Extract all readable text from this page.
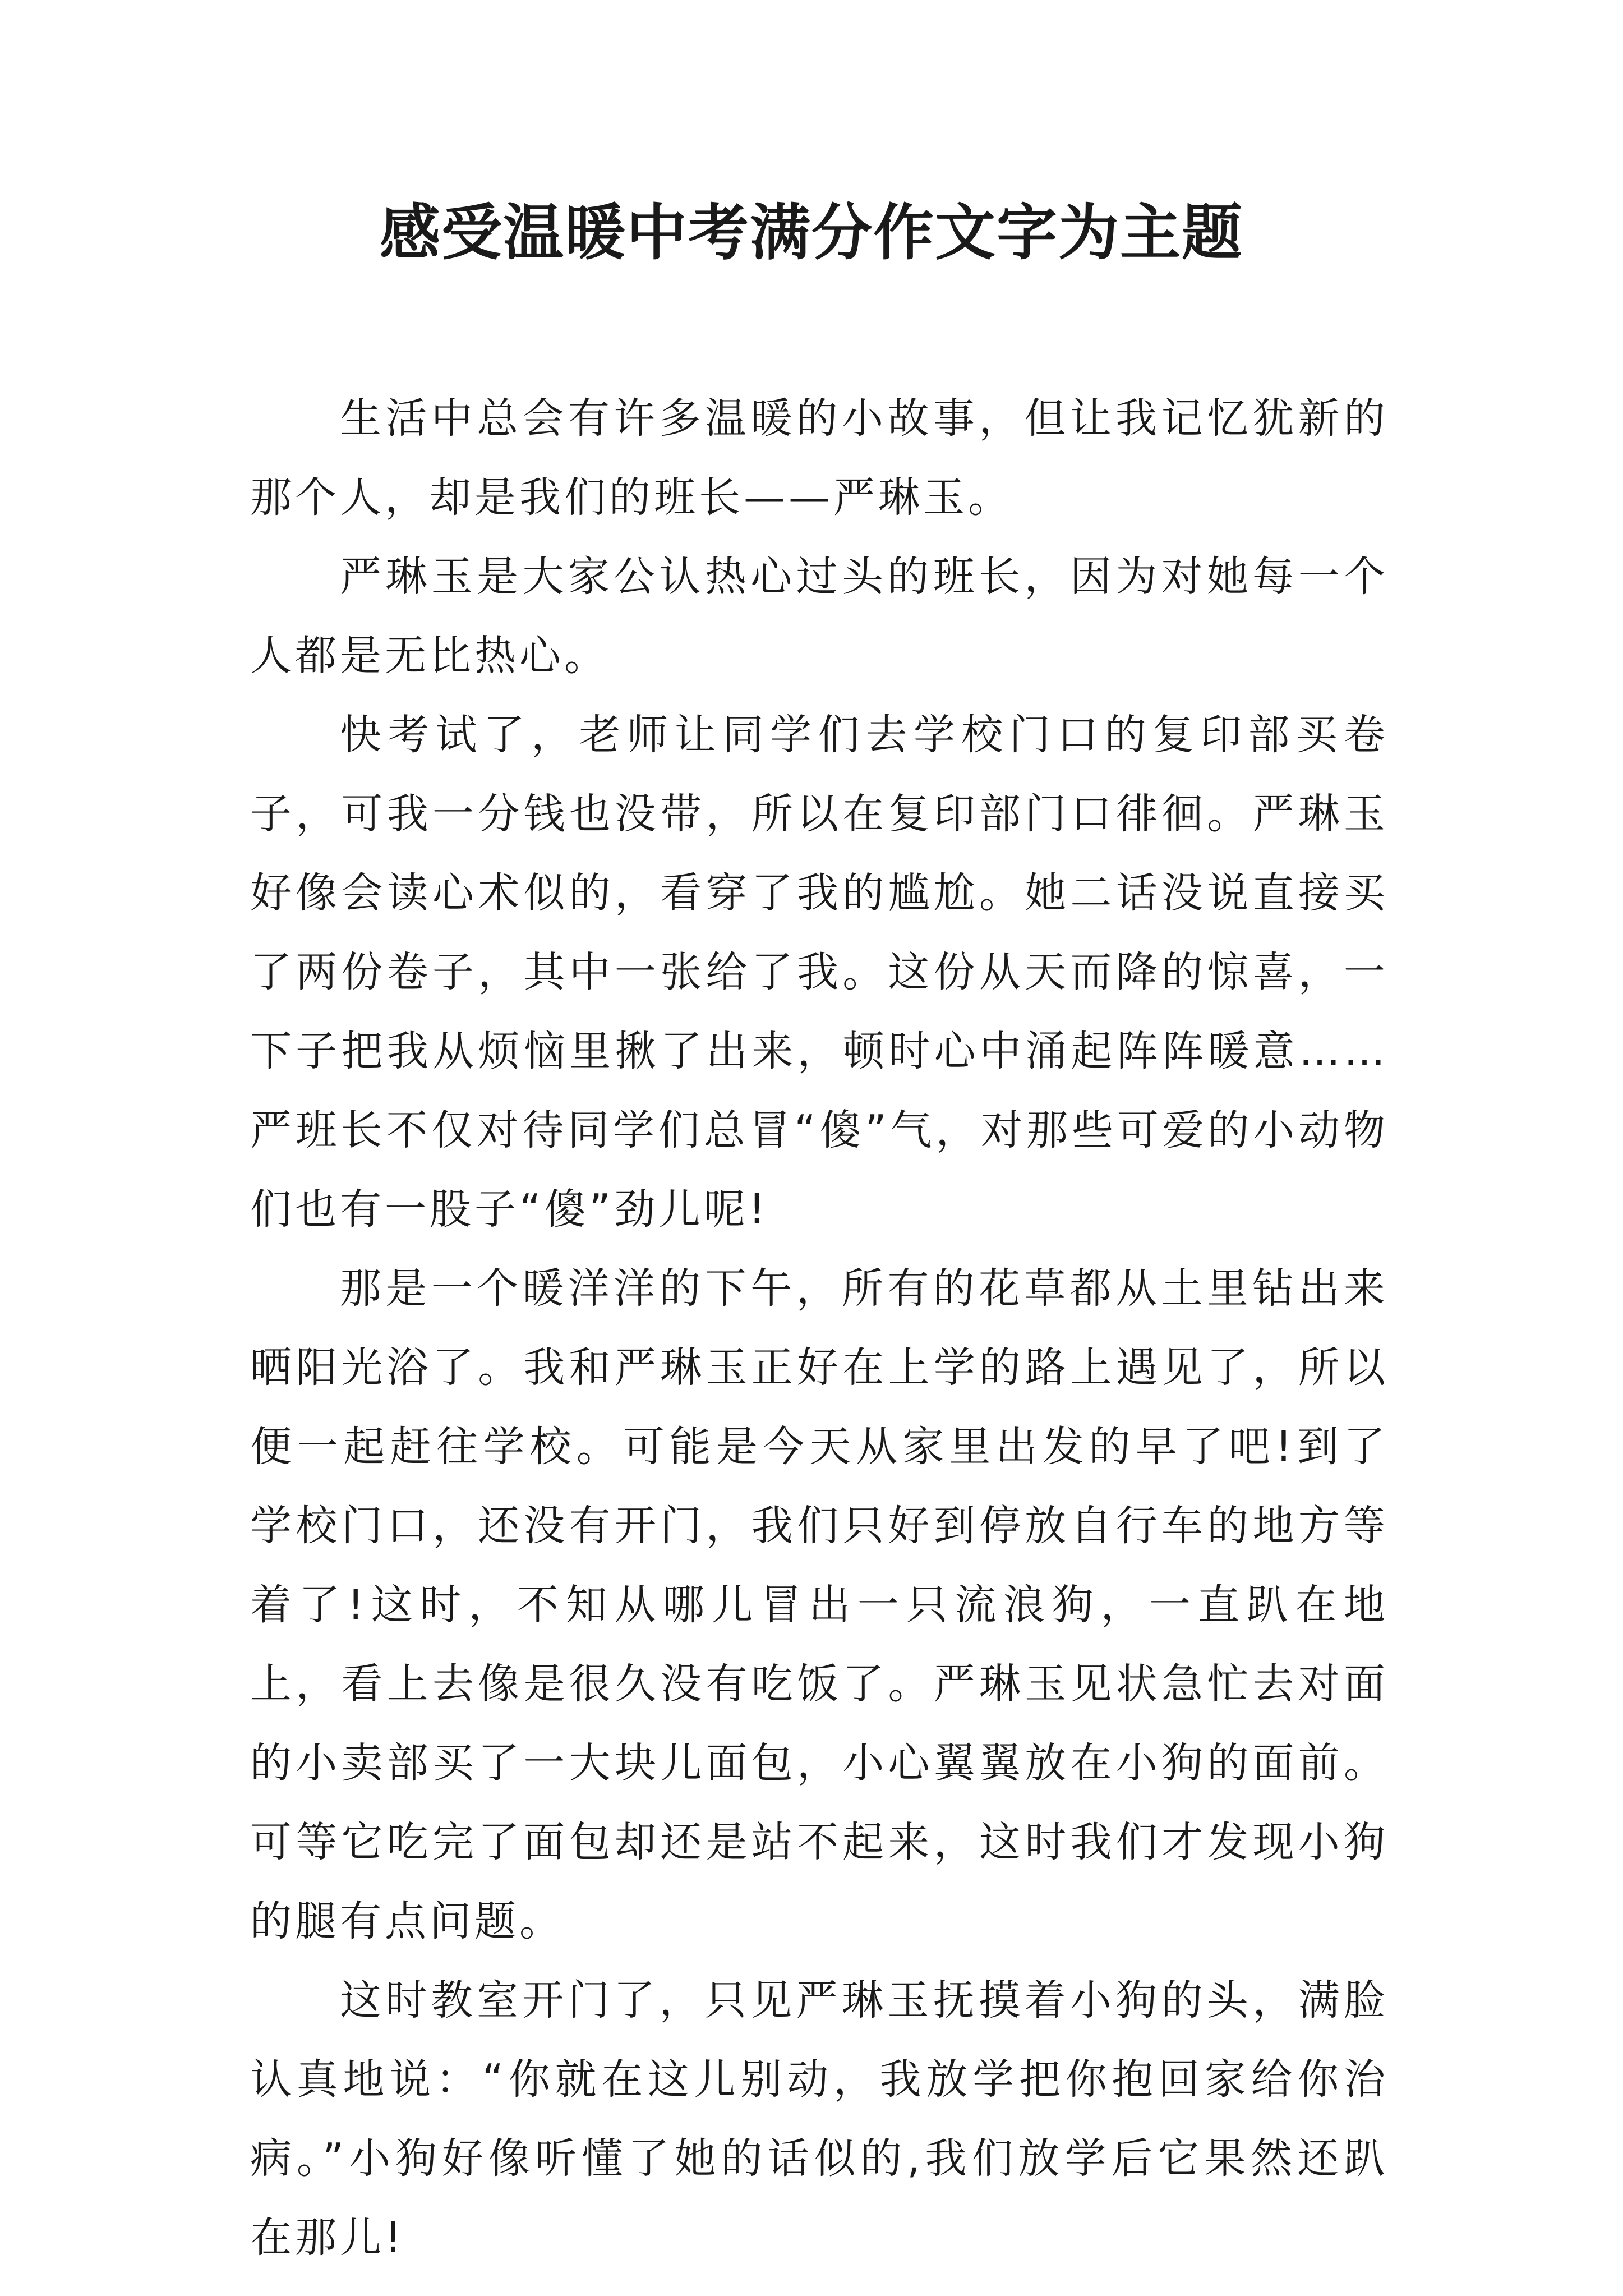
感受温暖中考满分作文字为主题

生活中总会有许多温暖的小故事，但让我记忆犹新的那个人，却是我们的班长——严琳玉。

严琳玉是大家公认热心过头的班长，因为对她每一个人都是无比热心。

快考试了，老师让同学们去学校门口的复印部买卷子，可我一分钱也没带，所以在复印部门口徘徊。严琳玉好像会读心术似的，看穿了我的尴尬。她二话没说直接买了两份卷子，其中一张给了我。这份从天而降的惊喜，一下子把我从烦恼里揪了出来，顿时心中涌起阵阵暖意……严班长不仅对待同学们总冒“傻”气，对那些可爱的小动物们也有一股子“傻”劲儿呢!

那是一个暖洋洋的下午，所有的花草都从土里钻出来晒阳光浴了。我和严琳玉正好在上学的路上遇见了，所以便一起赶往学校。可能是今天从家里出发的早了吧!到了学校门口，还没有开门，我们只好到停放自行车的地方等着了!这时，不知从哪儿冒出一只流浪狗，一直趴在地上，看上去像是很久没有吃饭了。严琳玉见状急忙去对面的小卖部买了一大块儿面包，小心翼翼放在小狗的面前。可等它吃完了面包却还是站不起来，这时我们才发现小狗的腿有点问题。

这时教室开门了，只见严琳玉抚摸着小狗的头，满脸认真地说：“你就在这儿别动，我放学把你抱回家给你治病。”小狗好像听懂了她的话似的,我们放学后它果然还趴在那儿!
